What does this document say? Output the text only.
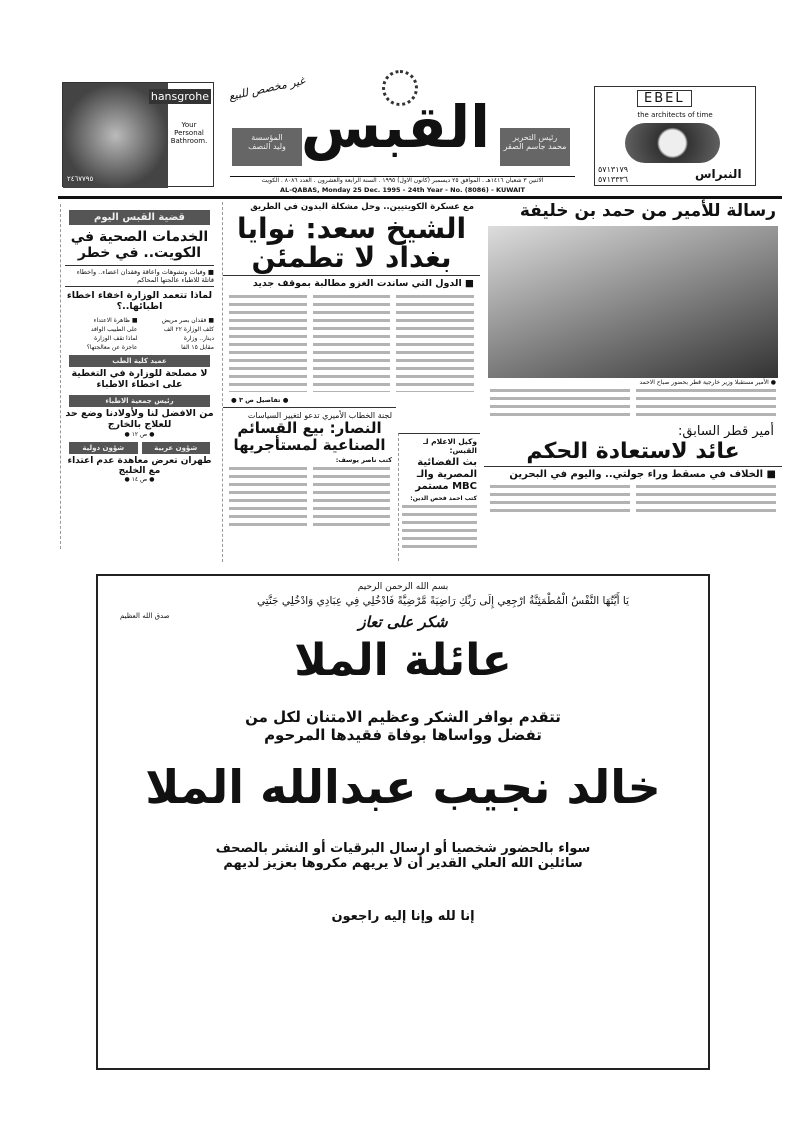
hansgrohe
Your Personal Bathroom.
٢٤٦٧٧٩٥
غير مخصص للبيع
المؤسسة
وليد النصف القبس	رئيس التحرير
محمد جاسم الصقر
EBEL
the architects of time
النبراس
٥٧١٣١٧٩
٥٧١٣٣٣٦
الاثنين ٣ شعبان ١٤١٦هـ . الموافق ٢٥ ديسمبر (كانون الاول) ١٩٩٥ . السنة الرابعة والعشرون . العدد ٨٠٨٦ . الكويت
AL-QABAS, Monday 25 Dec. 1995 - 24th Year - No. (8086) - KUWAIT
قضية القبس اليوم
الخدمات الصحية في الكويت.. في خطر
■ وفيات وتشوهات واعاقة وفقدان اعضاء.. واخطاء قاتلة للاطباء عالجتها المحاكم
لماذا تتعمد الوزارة اخفاء اخطاء اطبائها..؟
■ فقدان بصر مريض
■ ظاهرة الاعتداء
كلف الوزارة ٢٢ الف
على الطبيب الوافد
دينار.. وزارة
لماذا تقف الوزارة
مقابل ١٥ الفا
عاجزة عن معالجتها؟
عميد كلية الطب
لا مصلحة للوزارة في التغطية على اخطاء الاطباء
رئيس جمعية الاطباء
من الافضل لنا ولأولادنا وضع حد للعلاج بالخارج
● ص ١٢ ●
شؤون عربية
شؤون دولية
طهران تعرض معاهدة عدم اعتداء مع الخليج
● ص ١٤ ●
مع عسكرة الكويتيين.. وحل مشكلة البدون في الطريق
الشيخ سعد: نوايا بغداد لا تطمئن
■ الدول التي ساندت الغزو مطالبة بموقف جديد
● تفاصيل ص ٣ ●
لجنة الخطاب الأميري تدعو لتغيير السياسات
النصار: بيع القسائم الصناعية لمستأجريها
كتب ناصر يوسف:
رسالة للأمير من حمد بن خليفة
● الأمير مستقبلا وزير خارجية قطر بحضور صباح الاحمد
أمير قطر السابق:
عائد لاستعادة الحكم
■ الخلاف في مسقط وراء جولتي.. واليوم في البحرين
وكيل الاعلام لـ القبس:
بث الفضائية المصرية والـ MBC مستمر
كتب احمد فحص الدين:
بسم الله الرحمن الرحيم
يَا أَيَّتُهَا النَّفْسُ الْمُطْمَئِنَّةُ ارْجِعِي إِلَى رَبِّكِ رَاضِيَةً مَّرْضِيَّةً فَادْخُلِي فِي عِبَادِي وَادْخُلِي جَنَّتِي
صدق الله العظيم	شكر على تعاز
عائلة الملا
تتقدم بوافر الشكر وعظيم الامتنان لكل من
تفضل وواساها بوفاة فقيدها المرحوم
خالد نجيب عبدالله الملا
سواء بالحضور شخصيا أو ارسال البرقيات أو النشر بالصحف
سائلين الله العلي القدير أن لا يريهم مكروها بعزيز لديهم
إنا لله وإنا إليه راجعون
